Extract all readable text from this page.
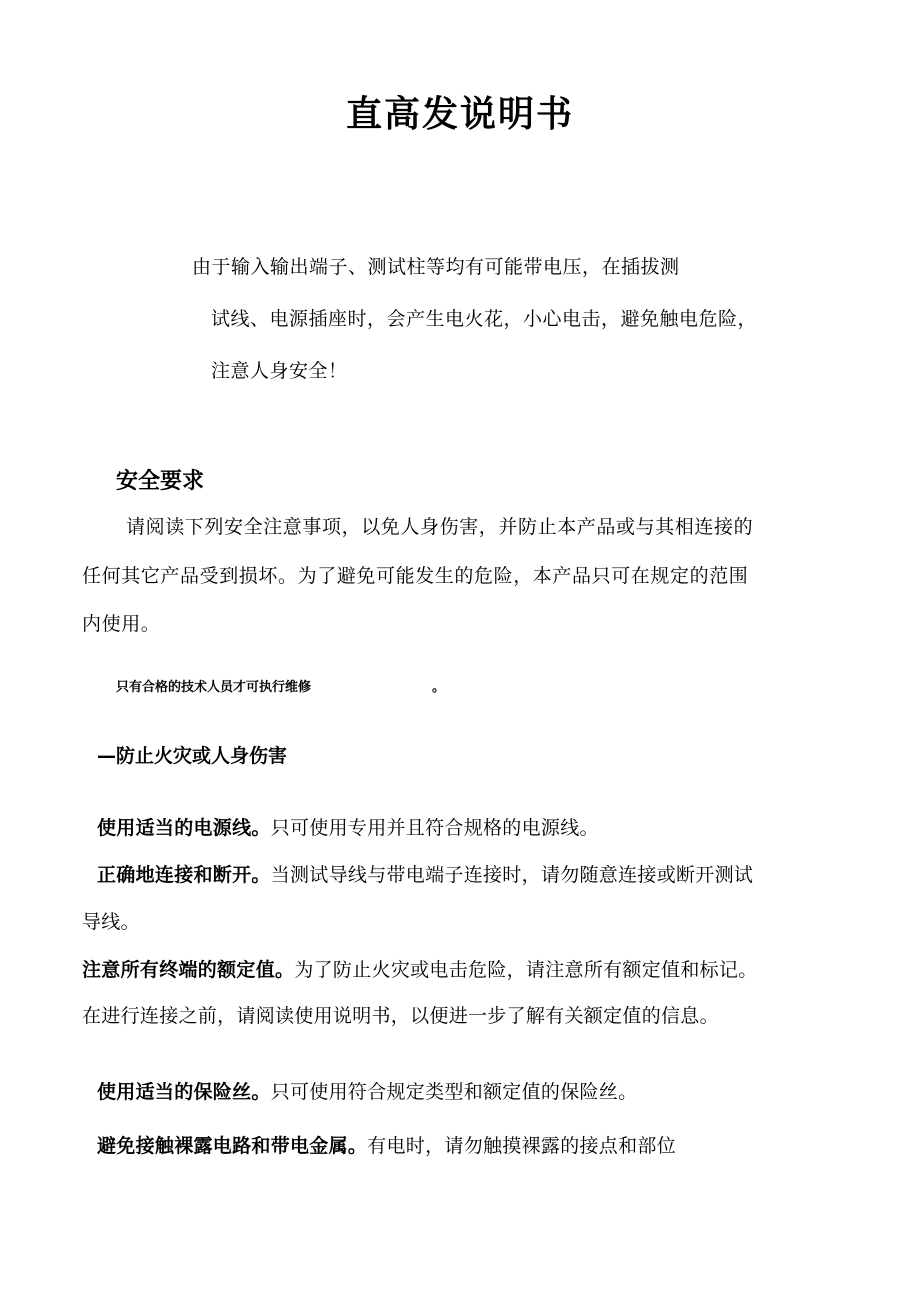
直高发说明书
由于输入输出端子、测试柱等均有可能带电压，在插拔测
试线、电源插座时，会产生电火花，小心电击，避免触电危险，
注意人身安全！
安全要求
请阅读下列安全注意事项，以免人身伤害，并防止本产品或与其相连接的
任何其它产品受到损坏。为了避免可能发生的危险，本产品只可在规定的范围
内使用。
只有合格的技术人员才可执行维修	。
—防止火灾或人身伤害
使用适当的电源线。只可使用专用并且符合规格的电源线。
正确地连接和断开。当测试导线与带电端子连接时，请勿随意连接或断开测试
导线。
注意所有终端的额定值。为了防止火灾或电击危险，请注意所有额定值和标记。
在进行连接之前，请阅读使用说明书，以便进一步了解有关额定值的信息。
使用适当的保险丝。只可使用符合规定类型和额定值的保险丝。
避免接触裸露电路和带电金属。有电时，请勿触摸裸露的接点和部位
